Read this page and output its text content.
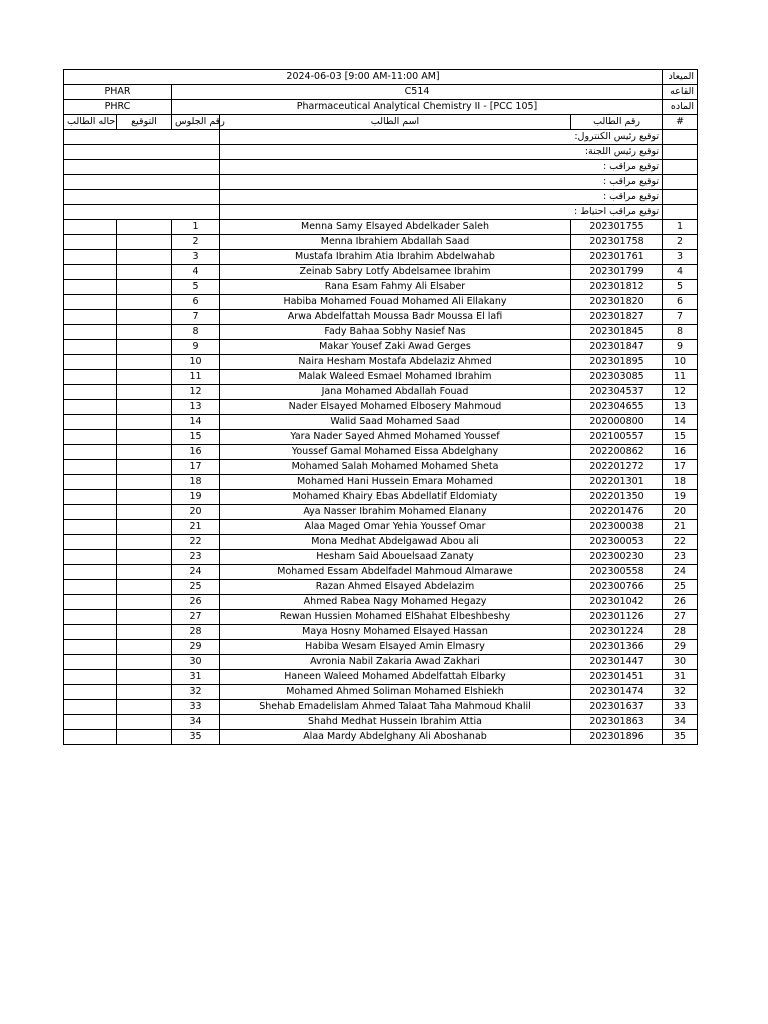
2024-06-03 [9:00 AM-11:00 AM]					الميعاد
PHAR		C514			القاعه
PHRC		Pharmaceutical Analytical Chemistry II - [PCC 105]			الماده
حاله الطالب	التوقيع	رقم الجلوس	اسم الطالب	رقم الطالب	#
			توقيع رئيس الكنترول:		
			توقيع رئيس اللجنة:		
			توقيع مراقب :		
			توقيع مراقب :		
			توقيع مراقب :		
			توقيع مراقب احتياط :		
		1	Menna Samy Elsayed Abdelkader Saleh	202301755	1
		2	Menna Ibrahiem Abdallah Saad	202301758	2
		3	Mustafa Ibrahim Atia Ibrahim Abdelwahab	202301761	3
		4	Zeinab Sabry Lotfy Abdelsamee Ibrahim	202301799	4
		5	Rana Esam Fahmy Ali Elsaber	202301812	5
		6	Habiba Mohamed Fouad Mohamed Ali Ellakany	202301820	6
		7	Arwa Abdelfattah Moussa Badr Moussa El lafi	202301827	7
		8	Fady Bahaa Sobhy Nasief Nas	202301845	8
		9	Makar Yousef Zaki Awad Gerges	202301847	9
		10	Naira Hesham Mostafa Abdelaziz Ahmed	202301895	10
		11	Malak Waleed Esmael Mohamed Ibrahim	202303085	11
		12	Jana Mohamed Abdallah Fouad	202304537	12
		13	Nader Elsayed Mohamed Elbosery Mahmoud	202304655	13
		14	Walid Saad Mohamed Saad	202000800	14
		15	Yara Nader Sayed Ahmed Mohamed Youssef	202100557	15
		16	Youssef Gamal Mohamed Eissa Abdelghany	202200862	16
		17	Mohamed Salah Mohamed Mohamed Sheta	202201272	17
		18	Mohamed Hani Hussein Emara Mohamed	202201301	18
		19	Mohamed Khairy Ebas Abdellatif Eldomiaty	202201350	19
		20	Aya Nasser Ibrahim Mohamed Elanany	202201476	20
		21	Alaa Maged Omar Yehia Youssef Omar	202300038	21
		22	Mona Medhat Abdelgawad Abou ali	202300053	22
		23	Hesham Said Abouelsaad Zanaty	202300230	23
		24	Mohamed Essam Abdelfadel Mahmoud Almarawe	202300558	24
		25	Razan Ahmed Elsayed Abdelazim	202300766	25
		26	Ahmed Rabea Nagy Mohamed Hegazy	202301042	26
		27	Rewan Hussien Mohamed ElShahat Elbeshbeshy	202301126	27
		28	Maya Hosny Mohamed Elsayed Hassan	202301224	28
		29	Habiba Wesam Elsayed Amin Elmasry	202301366	29
		30	Avronia Nabil Zakaria Awad Zakhari	202301447	30
		31	Haneen Waleed Mohamed Abdelfattah Elbarky	202301451	31
		32	Mohamed Ahmed Soliman Mohamed Elshiekh	202301474	32
		33	Shehab Emadelislam Ahmed Talaat Taha Mahmoud Khalil	202301637	33
		34	Shahd Medhat Hussein Ibrahim Attia	202301863	34
		35	Alaa Mardy Abdelghany Ali Aboshanab	202301896	35
